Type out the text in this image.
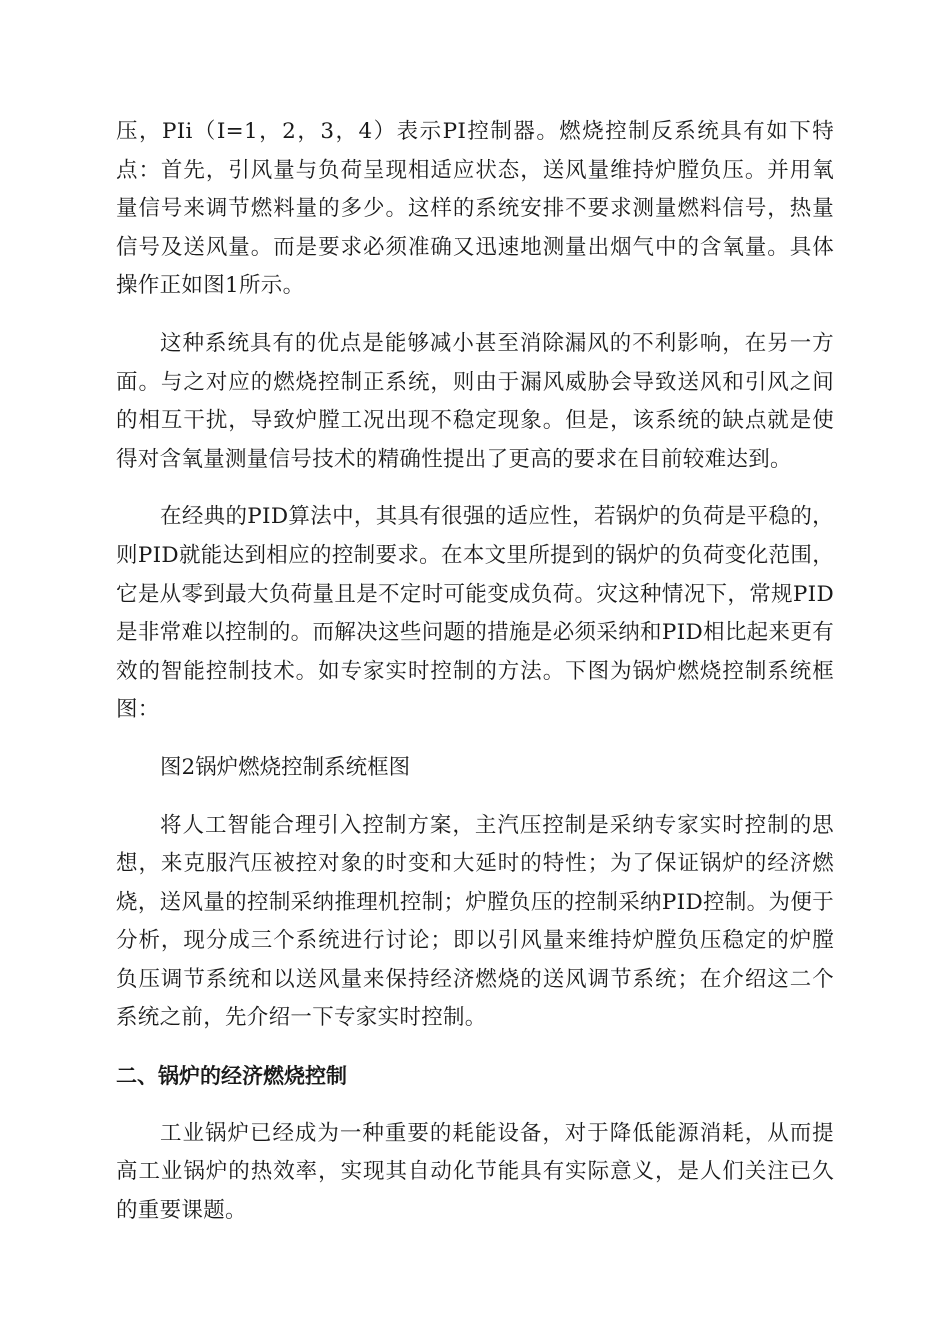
压，PIi（I=1，2，3，4）表示PI控制器。燃烧控制反系统具有如下特点：首先，引风量与负荷呈现相适应状态，送风量维持炉膛负压。并用氧量信号来调节燃料量的多少。这样的系统安排不要求测量燃料信号，热量信号及送风量。而是要求必须准确又迅速地测量出烟气中的含氧量。具体操作正如图1所示。

这种系统具有的优点是能够减小甚至消除漏风的不利影响，在另一方面。与之对应的燃烧控制正系统，则由于漏风威胁会导致送风和引风之间的相互干扰，导致炉膛工况出现不稳定现象。但是，该系统的缺点就是使得对含氧量测量信号技术的精确性提出了更高的要求在目前较难达到。

在经典的PID算法中，其具有很强的适应性，若锅炉的负荷是平稳的，则PID就能达到相应的控制要求。在本文里所提到的锅炉的负荷变化范围，它是从零到最大负荷量且是不定时可能变成负荷。灾这种情况下，常规PID是非常难以控制的。而解决这些问题的措施是必须采纳和PID相比起来更有效的智能控制技术。如专家实时控制的方法。下图为锅炉燃烧控制系统框图：

图2锅炉燃烧控制系统框图

将人工智能合理引入控制方案，主汽压控制是采纳专家实时控制的思想，来克服汽压被控对象的时变和大延时的特性；为了保证锅炉的经济燃烧，送风量的控制采纳推理机控制；炉膛负压的控制采纳PID控制。为便于分析，现分成三个系统进行讨论；即以引风量来维持炉膛负压稳定的炉膛负压调节系统和以送风量来保持经济燃烧的送风调节系统；在介绍这二个系统之前，先介绍一下专家实时控制。

二、锅炉的经济燃烧控制

工业锅炉已经成为一种重要的耗能设备，对于降低能源消耗，从而提高工业锅炉的热效率，实现其自动化节能具有实际意义，是人们关注已久的重要课题。
